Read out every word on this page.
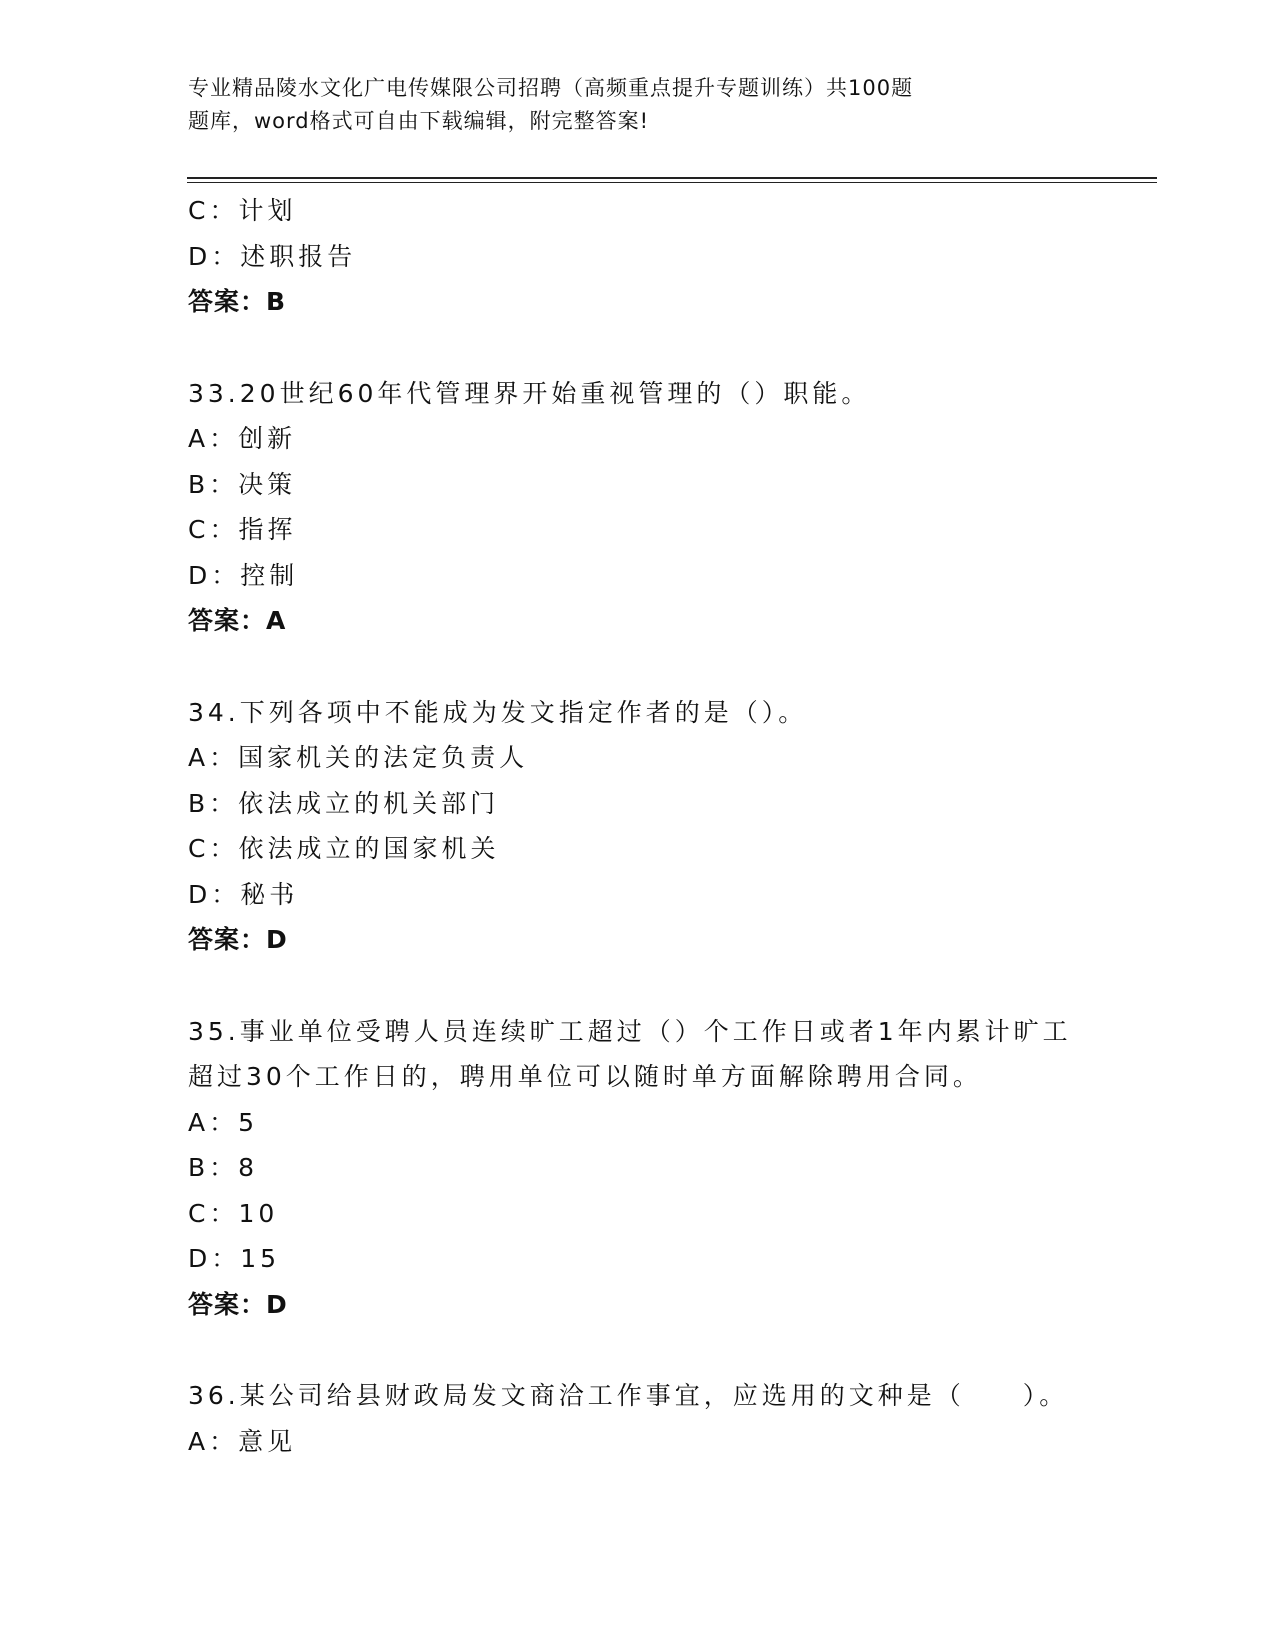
专业精品陵水文化广电传媒限公司招聘（高频重点提升专题训练）共100题
题库，word格式可自由下载编辑，附完整答案!
C：计划
D：述职报告
答案：B
33.20世纪60年代管理界开始重视管理的（）职能。
A：创新
B：决策
C：指挥
D：控制
答案：A
34.下列各项中不能成为发文指定作者的是（）。
A：国家机关的法定负责人
B：依法成立的机关部门
C：依法成立的国家机关
D：秘书
答案：D
35.事业单位受聘人员连续旷工超过（）个工作日或者1年内累计旷工
超过30个工作日的，聘用单位可以随时单方面解除聘用合同。
A：5
B：8
C：10
D：15
答案：D
36.某公司给县财政局发文商洽工作事宜，应选用的文种是（　　）。
A：意见
